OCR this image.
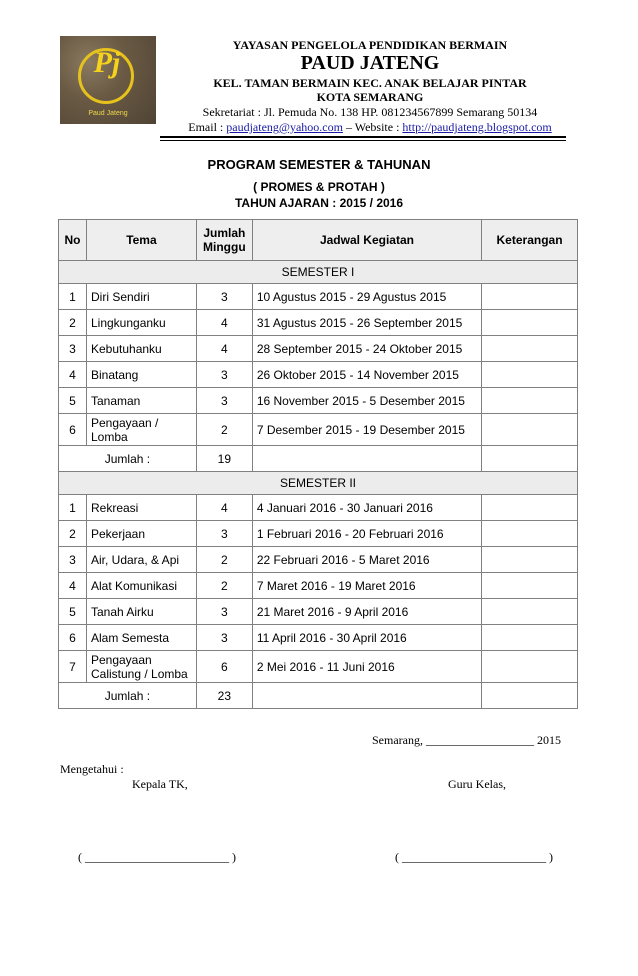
Pj
Paud Jateng
YAYASAN PENGELOLA PENDIDIKAN BERMAIN
PAUD JATENG
KEL. TAMAN BERMAIN KEC. ANAK BELAJAR PINTAR
KOTA SEMARANG
Sekretariat : Jl. Pemuda No. 138 HP. 081234567899 Semarang 50134
Email : paudjateng@yahoo.com – Website : http://paudjateng.blogspot.com
PROGRAM SEMESTER & TAHUNAN
( PROMES & PROTAH )
TAHUN AJARAN : 2015 / 2016
No	Tema	Jumlah Minggu	Jadwal Kegiatan	Keterangan
SEMESTER I				
1	Diri Sendiri	3	10 Agustus 2015 - 29 Agustus 2015	
2	Lingkunganku	4	31 Agustus 2015 - 26 September 2015	
3	Kebutuhanku	4	28 September 2015 - 24 Oktober 2015	
4	Binatang	3	26 Oktober 2015 - 14 November 2015	
5	Tanaman	3	16 November 2015 - 5 Desember 2015	
6	Pengayaan / Lomba	2	7 Desember 2015 - 19 Desember 2015	
Jumlah :		19		
SEMESTER II				
1	Rekreasi	4	4 Januari 2016 - 30 Januari 2016	
2	Pekerjaan	3	1 Februari 2016 - 20 Februari 2016	
3	Air, Udara, & Api	2	22 Februari 2016 - 5 Maret 2016	
4	Alat Komunikasi	2	7 Maret 2016 - 19 Maret 2016	
5	Tanah Airku	3	21 Maret 2016 - 9 April 2016	
6	Alam Semesta	3	11 April 2016 - 30 April 2016	
7	Pengayaan Calistung / Lomba	6	2 Mei 2016 - 11 Juni 2016	
Jumlah :		23		
Semarang, __________________ 2015
Mengetahui :
Kepala TK,	Guru Kelas,
( ________________________ )	( ________________________ )
